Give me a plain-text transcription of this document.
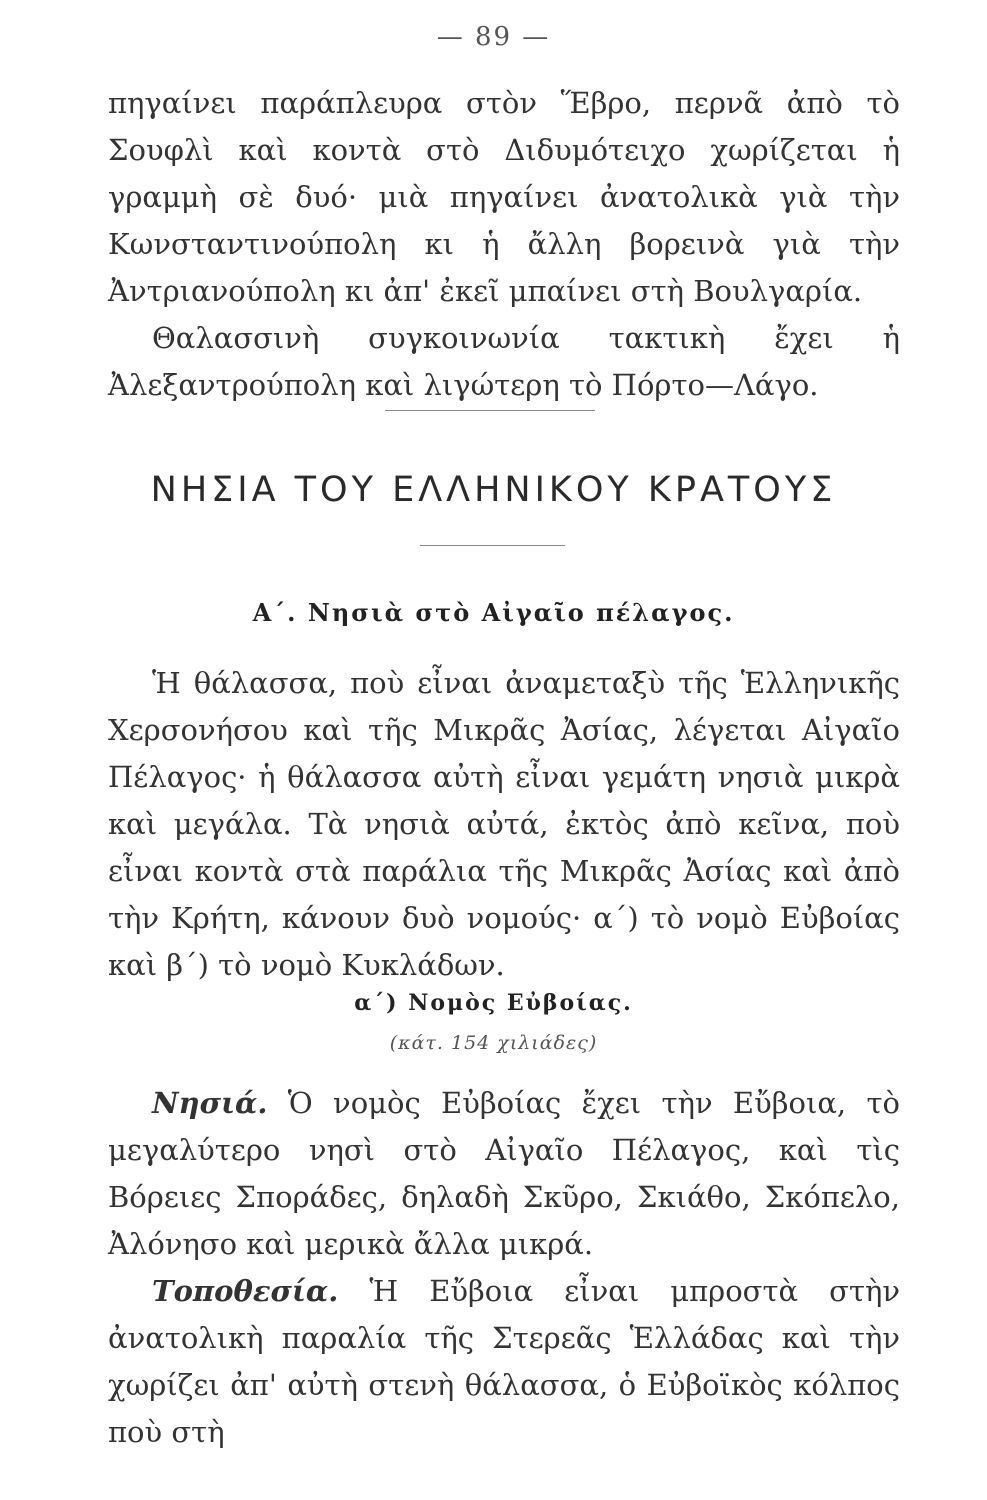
— 89 —

πηγαίνει παράπλευρα στὸν Ἕβρο, περνᾶ ἀπὸ τὸ Σουφλὶ καὶ κοντὰ στὸ Διδυμότειχο χωρίζεται ἡ γραμμὴ σὲ δυό· μιὰ πηγαίνει ἀνατολικὰ γιὰ τὴν Κωνσταντινούπολη κι ἡ ἄλλη βορεινὰ γιὰ τὴν Ἀντριανούπολη κι ἀπ' ἐκεῖ μπαίνει στὴ Βουλγαρία.

Θαλασσινὴ συγκοινωνία τακτικὴ ἔχει ἡ Ἀλεξαντρούπολη καὶ λιγώτερη τὸ Πόρτο—Λάγο.

ΝΗΣΙΑ ΤΟΥ ΕΛΛΗΝΙΚΟΥ ΚΡΑΤΟΥΣ
Α΄. Νησιὰ στὸ Αἰγαῖο πέλαγος.

Ἡ θάλασσα, ποὺ εἶναι ἀναμεταξὺ τῆς Ἑλληνικῆς Χερσονήσου καὶ τῆς Μικρᾶς Ἀσίας, λέγεται Αἰγαῖο Πέλαγος· ἡ θάλασσα αὐτὴ εἶναι γεμάτη νησιὰ μικρὰ καὶ μεγάλα. Τὰ νησιὰ αὐτά, ἐκτὸς ἀπὸ κεῖνα, ποὺ εἶναι κοντὰ στὰ παράλια τῆς Μικρᾶς Ἀσίας καὶ ἀπὸ τὴν Κρήτη, κάνουν δυὸ νομούς· α΄) τὸ νομὸ Εὐβοίας καὶ β΄) τὸ νομὸ Κυκλάδων.

α΄) Νομὸς Εὐβοίας.
(κάτ. 154 χιλιάδες)

Νησιά. Ὁ νομὸς Εὐβοίας ἔχει τὴν Εὔβοια, τὸ μεγαλύτερο νησὶ στὸ Αἰγαῖο Πέλαγος, καὶ τὶς Βόρειες Σποράδες, δηλαδὴ Σκῦρο, Σκιάθο, Σκόπελο, Ἀλόνησο καὶ μερικὰ ἄλλα μικρά.

Τοποθεσία. Ἡ Εὔβοια εἶναι μπροστὰ στὴν ἀνατολικὴ παραλία τῆς Στερεᾶς Ἑλλάδας καὶ τὴν χωρίζει ἀπ' αὐτὴ στενὴ θάλασσα, ὁ Εὐβοϊκὸς κόλπος ποὺ στὴ
